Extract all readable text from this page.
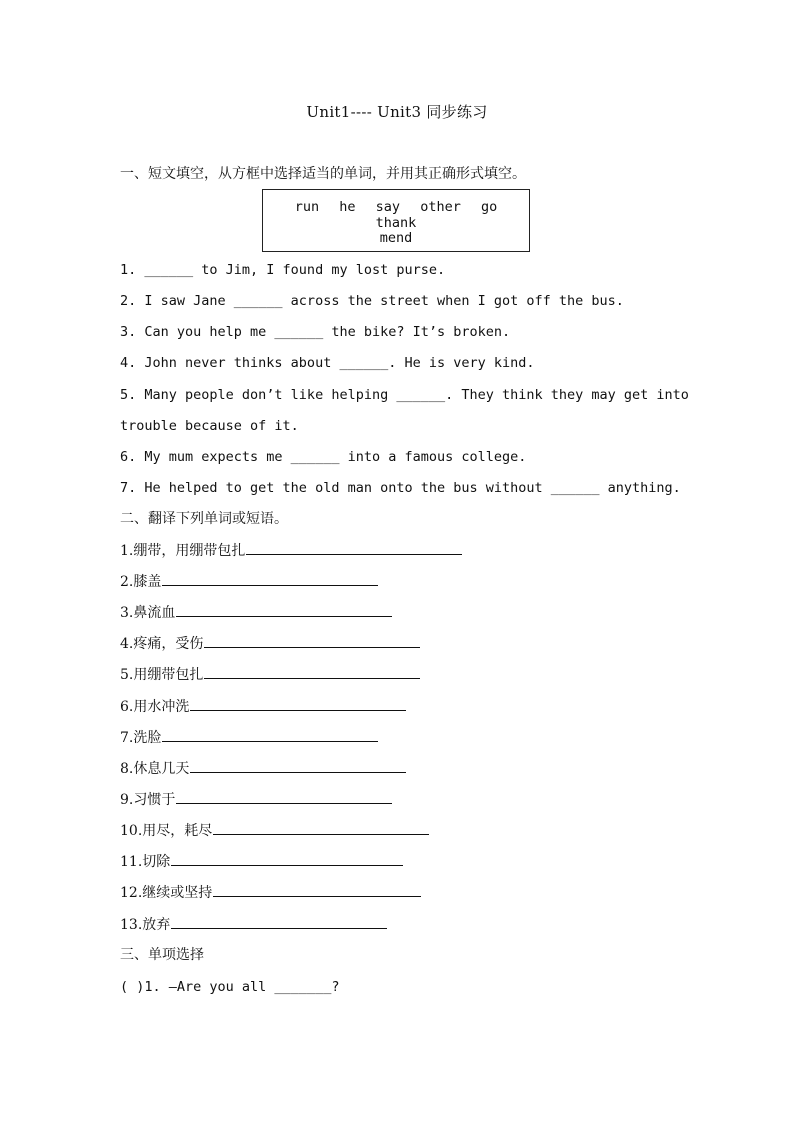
Unit1---- Unit3 同步练习
一、短文填空，从方框中选择适当的单词，并用其正确形式填空。
run he say other go thank
mend
1. ______ to Jim, I found my lost purse.
2. I saw Jane ______ across the street when I got off the bus.
3. Can you help me ______ the bike? It’s broken.
4. John never thinks about ______. He is very kind.
5. Many people don’t like helping ______. They think they may get into
trouble because of it.
6. My mum expects me ______ into a famous college.
7. He helped to get the old man onto the bus without ______ anything.
二、翻译下列单词或短语。
1.绷带，用绷带包扎
2.膝盖
3.鼻流血
4.疼痛，受伤
5.用绷带包扎
6.用水冲洗
7.洗脸
8.休息几天
9.习惯于
10.用尽，耗尽
11.切除
12.继续或坚持
13.放弃
三、单项选择
( )1. —Are you all _______?
